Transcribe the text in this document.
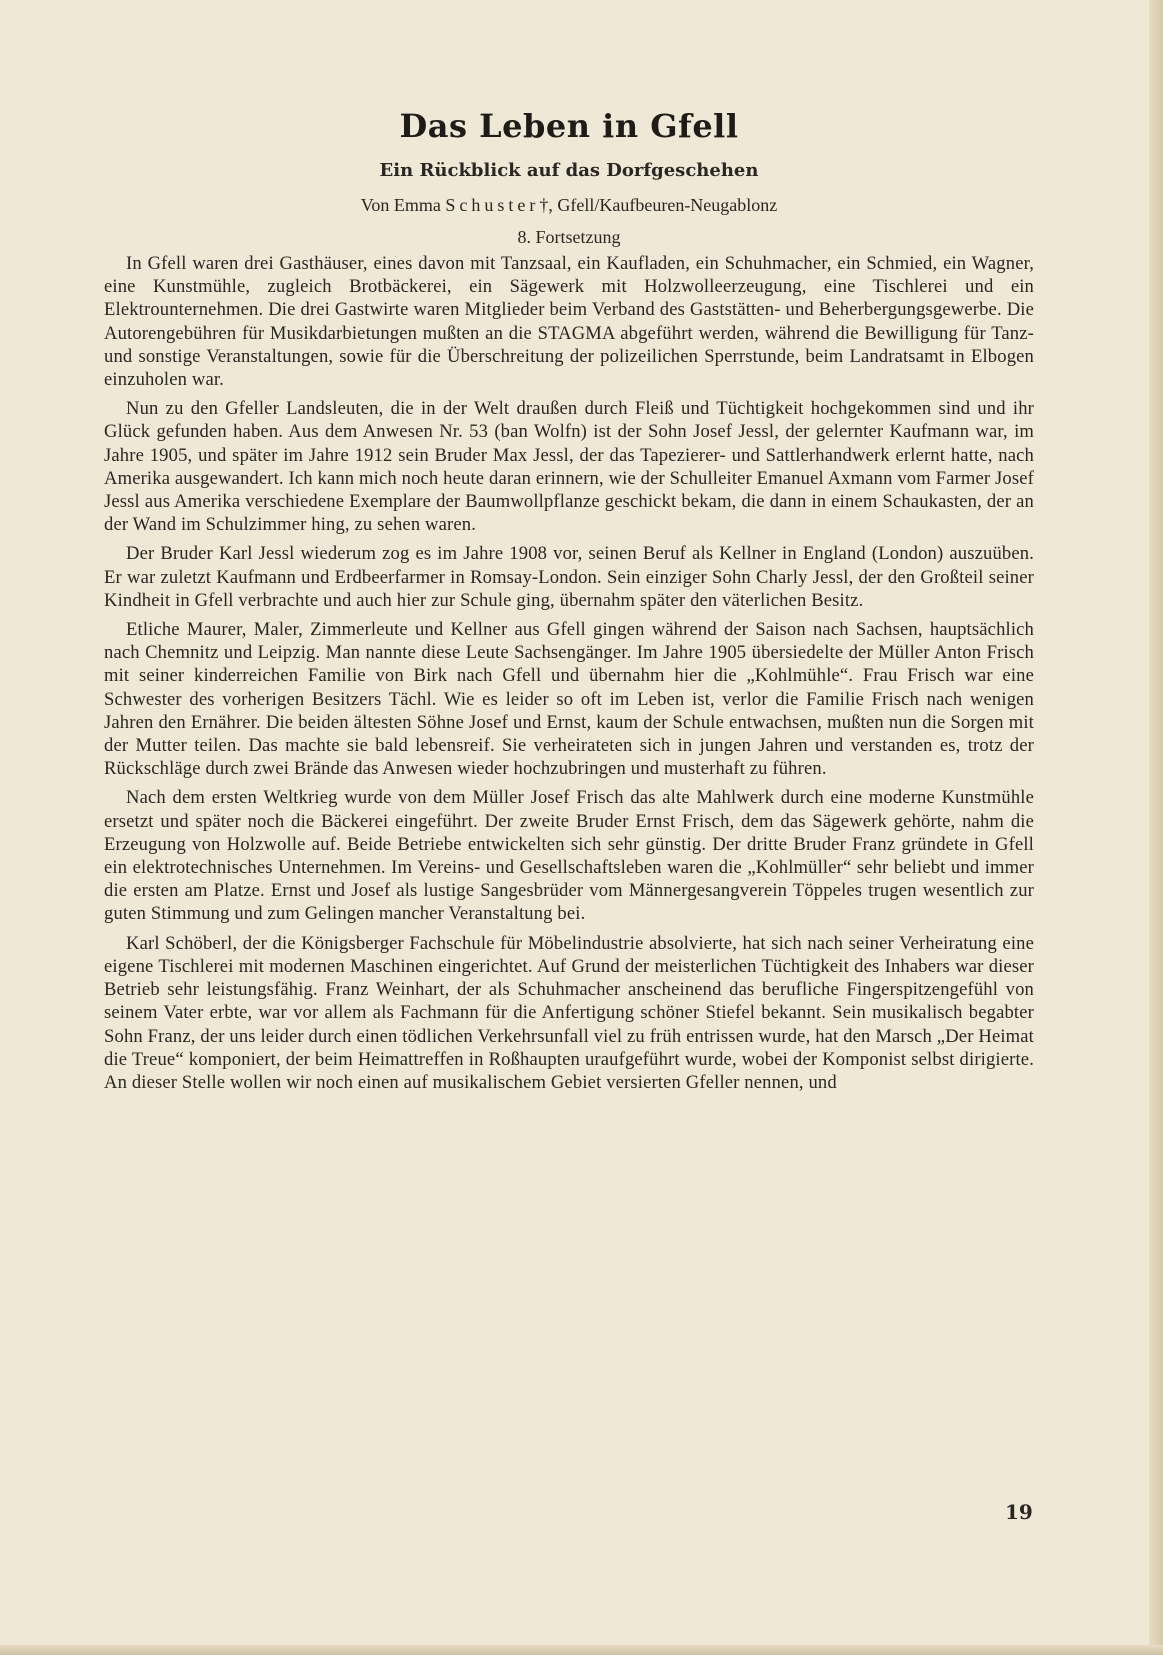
Das Leben in Gfell
Ein Rückblick auf das Dorfgeschehen
Von Emma Schuster†, Gfell/Kaufbeuren-Neugablonz
8. Fortsetzung

In Gfell waren drei Gasthäuser, eines davon mit Tanzsaal, ein Kaufladen, ein Schuhmacher, ein Schmied, ein Wagner, eine Kunstmühle, zugleich Brotbäckerei, ein Sägewerk mit Holzwolleerzeugung, eine Tischlerei und ein Elektrounternehmen. Die drei Gastwirte waren Mitglieder beim Verband des Gaststätten- und Beherbergungsgewerbe. Die Autorengebühren für Musikdarbietungen mußten an die STAGMA abgeführt werden, während die Bewilligung für Tanz- und sonstige Veranstaltungen, sowie für die Überschreitung der polizeilichen Sperrstunde, beim Landratsamt in Elbogen einzuholen war.

Nun zu den Gfeller Landsleuten, die in der Welt draußen durch Fleiß und Tüchtigkeit hochgekommen sind und ihr Glück gefunden haben. Aus dem Anwesen Nr. 53 (ban Wolfn) ist der Sohn Josef Jessl, der gelernter Kaufmann war, im Jahre 1905, und später im Jahre 1912 sein Bruder Max Jessl, der das Tapezierer- und Sattlerhandwerk erlernt hatte, nach Amerika ausgewandert. Ich kann mich noch heute daran erinnern, wie der Schulleiter Emanuel Axmann vom Farmer Josef Jessl aus Amerika verschiedene Exemplare der Baumwollpflanze geschickt bekam, die dann in einem Schaukasten, der an der Wand im Schulzimmer hing, zu sehen waren.

Der Bruder Karl Jessl wiederum zog es im Jahre 1908 vor, seinen Beruf als Kellner in England (London) auszuüben. Er war zuletzt Kaufmann und Erdbeerfarmer in Romsay-London. Sein einziger Sohn Charly Jessl, der den Großteil seiner Kindheit in Gfell verbrachte und auch hier zur Schule ging, übernahm später den väterlichen Besitz.

Etliche Maurer, Maler, Zimmerleute und Kellner aus Gfell gingen während der Saison nach Sachsen, hauptsächlich nach Chemnitz und Leipzig. Man nannte diese Leute Sachsengänger. Im Jahre 1905 übersiedelte der Müller Anton Frisch mit seiner kinderreichen Familie von Birk nach Gfell und übernahm hier die „Kohlmühle“. Frau Frisch war eine Schwester des vorherigen Besitzers Tächl. Wie es leider so oft im Leben ist, verlor die Familie Frisch nach wenigen Jahren den Ernährer. Die beiden ältesten Söhne Josef und Ernst, kaum der Schule entwachsen, mußten nun die Sorgen mit der Mutter teilen. Das machte sie bald lebensreif. Sie verheirateten sich in jungen Jahren und verstanden es, trotz der Rückschläge durch zwei Brände das Anwesen wieder hochzubringen und musterhaft zu führen.

Nach dem ersten Weltkrieg wurde von dem Müller Josef Frisch das alte Mahlwerk durch eine moderne Kunstmühle ersetzt und später noch die Bäckerei eingeführt. Der zweite Bruder Ernst Frisch, dem das Sägewerk gehörte, nahm die Erzeugung von Holzwolle auf. Beide Betriebe entwickelten sich sehr günstig. Der dritte Bruder Franz gründete in Gfell ein elektrotechnisches Unternehmen. Im Vereins- und Gesellschaftsleben waren die „Kohlmüller“ sehr beliebt und immer die ersten am Platze. Ernst und Josef als lustige Sangesbrüder vom Männergesangverein Töppeles trugen wesentlich zur guten Stimmung und zum Gelingen mancher Veranstaltung bei.

Karl Schöberl, der die Königsberger Fachschule für Möbelindustrie absolvierte, hat sich nach seiner Verheiratung eine eigene Tischlerei mit modernen Maschinen eingerichtet. Auf Grund der meisterlichen Tüchtigkeit des Inhabers war dieser Betrieb sehr leistungsfähig. Franz Weinhart, der als Schuhmacher anscheinend das berufliche Fingerspitzengefühl von seinem Vater erbte, war vor allem als Fachmann für die Anfertigung schöner Stiefel bekannt. Sein musikalisch begabter Sohn Franz, der uns leider durch einen tödlichen Verkehrsunfall viel zu früh entrissen wurde, hat den Marsch „Der Heimat die Treue“ komponiert, der beim Heimattreffen in Roßhaupten uraufgeführt wurde, wobei der Komponist selbst dirigierte. An dieser Stelle wollen wir noch einen auf musikalischem Gebiet versierten Gfeller nennen, und

19
